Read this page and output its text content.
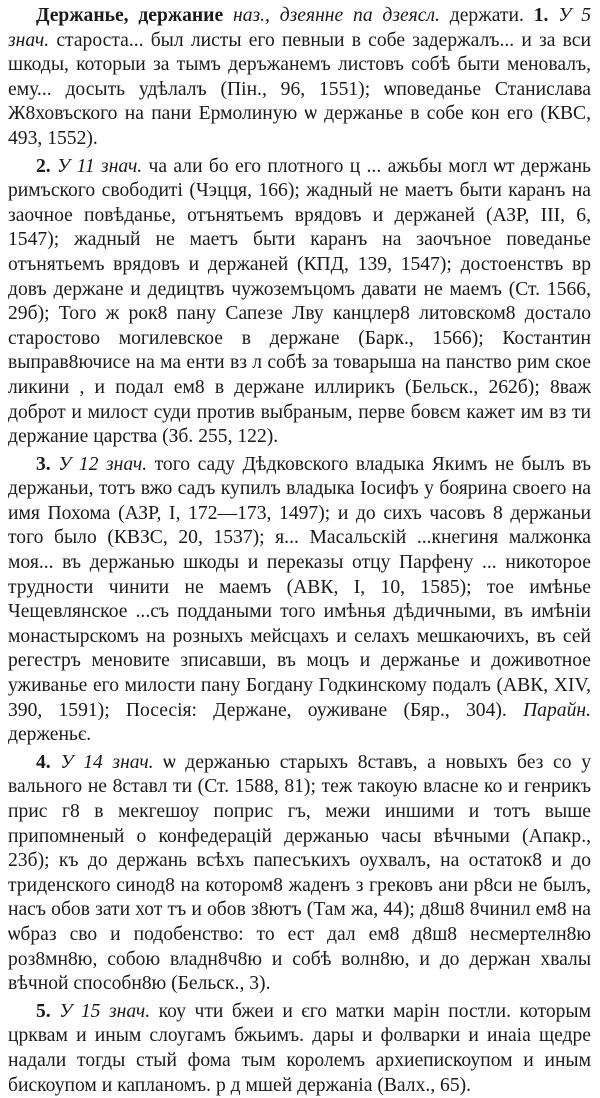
Держанье, держание наз., дзеянне па дзеясл. держати. 1. У 5 знач. староста... был листы его певныи в собе задержалъ... и за вси шкоды, которыи за тымъ деръжанемъ листовъ собѣ быти меновалъ, ему... досыть удѣлалъ (Пін., 96, 1551); ѡповеданье Станислава Ж8ховъского на пани Ермолиную ѡ держанье в собе кон его (КВС, 493, 1552).

2. У 11 знач. ча али бо его плотного ц ... ажьбы могл ѡт держань римъского свободиті (Чэцця, 166); жадный не маетъ быти каранъ на заочное повѣданье, отънятьемъ врядовъ и держаней (АЗР, III, 6, 1547); жадный не маетъ быти каранъ на заочъное поведанье отънятьемъ врядовъ и держаней (КПД, 139, 1547); достоенствъ вр довъ держане и дедицтвъ чужоземъцомъ давати не маемъ (Ст. 1566, 29б); Того ж рок8 пану Сапезе Лву канцлер8 литовском8 достало старостово могилевское в держане (Барк., 1566); Костантин выправ8ючисе на ма енти вз л собѣ за товарыша на панство рим ское ликини , и подал ем8 в держане иллирикъ (Бельск., 262б); 8важ доброт и милост суди против выбраным, перве бовєм кажет им вз ти держание царства (Зб. 255, 122).

3. У 12 знач. того саду Дѣдковского владыка Якимъ не былъ въ держаньи, тотъ вжо садъ купилъ владыка Іосифъ у боярина своего на имя Похома (АЗР, I, 172—173, 1497); и до сихъ часовъ 8 держаньи того было (КВЗС, 20, 1537); я... Масальскій ...кнегиня малжонка моя... въ держанью шкоды и переказы отцу Парфену ... никоторое трудности чинити не маемъ (АВК, I, 10, 1585); тое имѣнье Чещевлянское ...съ поддаными того имѣнья дѣдичными, въ имѣніи монастырскомъ на розныхъ мейсцахъ и селахъ мешкаючихъ, въ сей регестръ меновите зписавши, въ моцъ и держанье и доживотное уживанье его милости пану Богдану Годкинскому подалъ (АВК, XIV, 390, 1591); Посесія: Держане, оуживане (Бяр., 304). Парайн. держеньє.

4. У 14 знач. ѡ держанью старыхъ 8ставъ, а новыхъ без со у вального не 8ставл ти (Ст. 1588, 81); теж такоую власне ко и генрикъ прис г8 в мекгешоу поприс гъ, межи иншими и тотъ выше припомненый о конфедерацій держанью часы вѣчными (Апакр., 23б); къ до держань всѣхъ папесъкихъ оухвалъ, на остаток8 и до триденского синод8 на котором8 жаденъ з грековъ ани р8си не былъ, насъ обов зати хот тъ и обов з8ютъ (Там жа, 44); д8ш8 8чинил ем8 на ѡбраз сво и подобенство: то ест дал ем8 д8ш8 несмертелн8ю роз8мн8ю, собою владн8ч8ю и собѣ волн8ю, и до держан хвалы вѣчной способн8ю (Бельск., 3).

5. У 15 знач. коу чти бжеи и єго матки марін постли. которым црквам и иным слоугамъ бжьимъ. дары и фолварки и инаіа щедре надали тогды стый фома тым королемъ архиепискоупом и иным бискоупом и капланомъ. р д мшей держаніа (Валх., 65).
